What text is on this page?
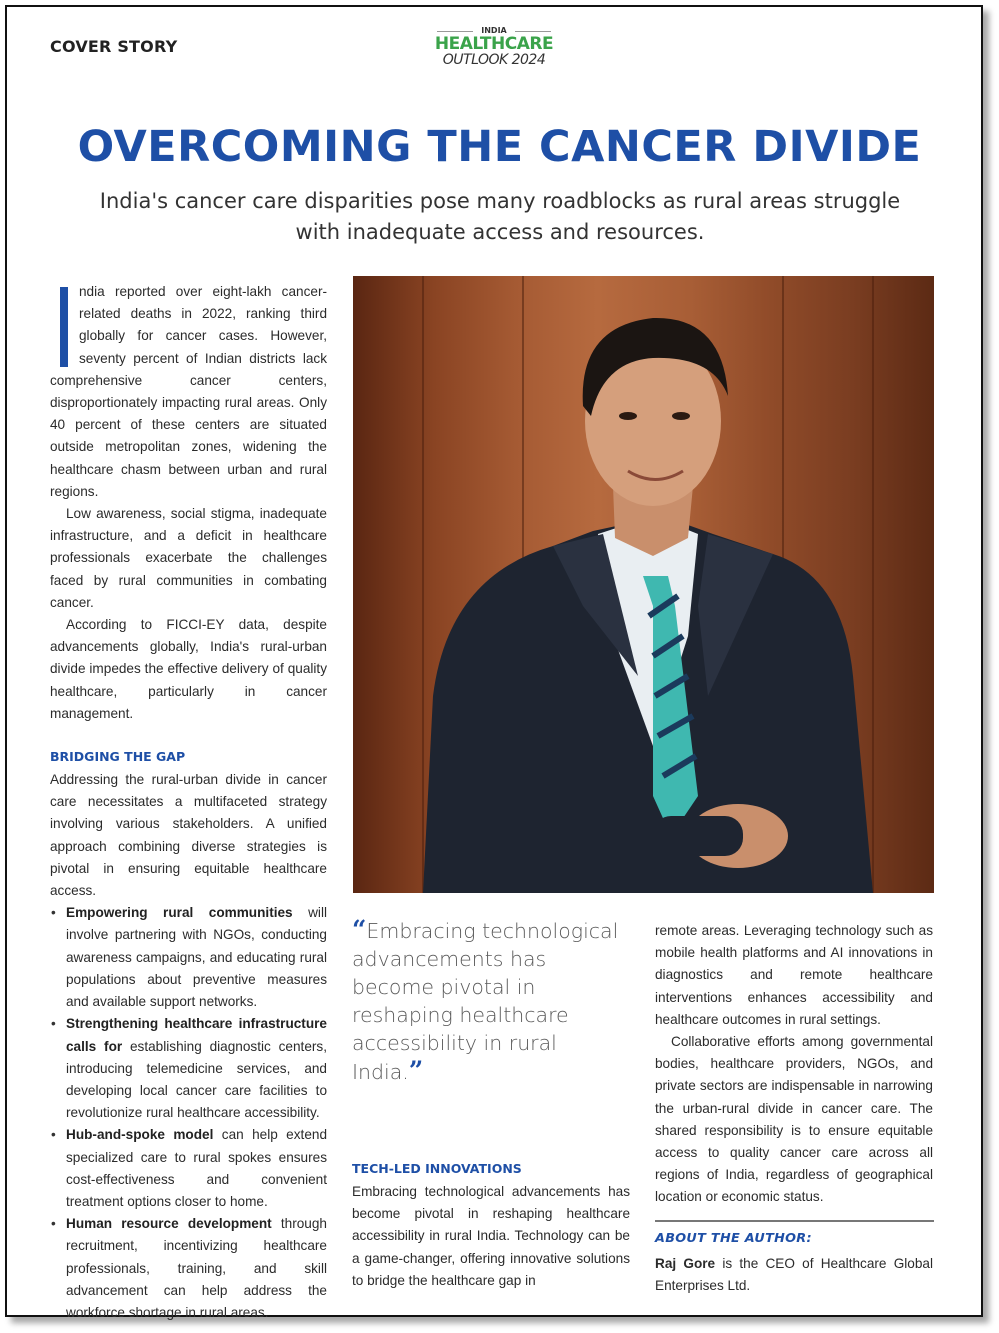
COVER STORY
INDIA
HEALTHCARE
OUTLOOK 2024
OVERCOMING THE CANCER DIVIDE
India's cancer care disparities pose many roadblocks as rural areas struggle with inadequate access and resources.

ndia reported over eight-lakh cancer-related deaths in 2022, ranking third globally for cancer cases. However, seventy percent of Indian districts lack comprehensive cancer centers, disproportionately impacting rural areas. Only 40 percent of these centers are situated outside metropolitan zones, widening the healthcare chasm between urban and rural regions.

Low awareness, social stigma, inadequate infrastructure, and a deficit in healthcare professionals exacerbate the challenges faced by rural communities in combating cancer.

According to FICCI-EY data, despite advancements globally, India's rural-urban divide impedes the effective delivery of quality healthcare, particularly in cancer management.

BRIDGING THE GAP

Addressing the rural-urban divide in cancer care necessitates a multifaceted strategy involving various stakeholders. A unified approach combining diverse strategies is pivotal in ensuring equitable healthcare access.

• Empowering rural communities will involve partnering with NGOs, conducting awareness campaigns, and educating rural populations about preventive measures and available support networks.
• Strengthening healthcare infrastructure calls for establishing diagnostic centers, introducing telemedicine services, and developing local cancer care facilities to revolutionize rural healthcare accessibility.
• Hub-and-spoke model can help extend specialized care to rural spokes ensures cost-effectiveness and convenient treatment options closer to home.
• Human resource development through recruitment, incentivizing healthcare professionals, training, and skill advancement can help address the workforce shortage in rural areas.
“Embracing technological advancements has become pivotal in reshaping healthcare accessibility in rural India.”
TECH-LED INNOVATIONS

Embracing technological advancements has become pivotal in reshaping healthcare accessibility in rural India. Technology can be a game-changer, offering innovative solutions to bridge the healthcare gap in

remote areas. Leveraging technology such as mobile health platforms and AI innovations in diagnostics and remote healthcare interventions enhances accessibility and healthcare outcomes in rural settings.

Collaborative efforts among governmental bodies, healthcare providers, NGOs, and private sectors are indispensable in narrowing the urban-rural divide in cancer care. The shared responsibility is to ensure equitable access to quality cancer care across all regions of India, regardless of geographical location or economic status.

ABOUT THE AUTHOR:
Raj Gore is the CEO of Healthcare Global Enterprises Ltd.
